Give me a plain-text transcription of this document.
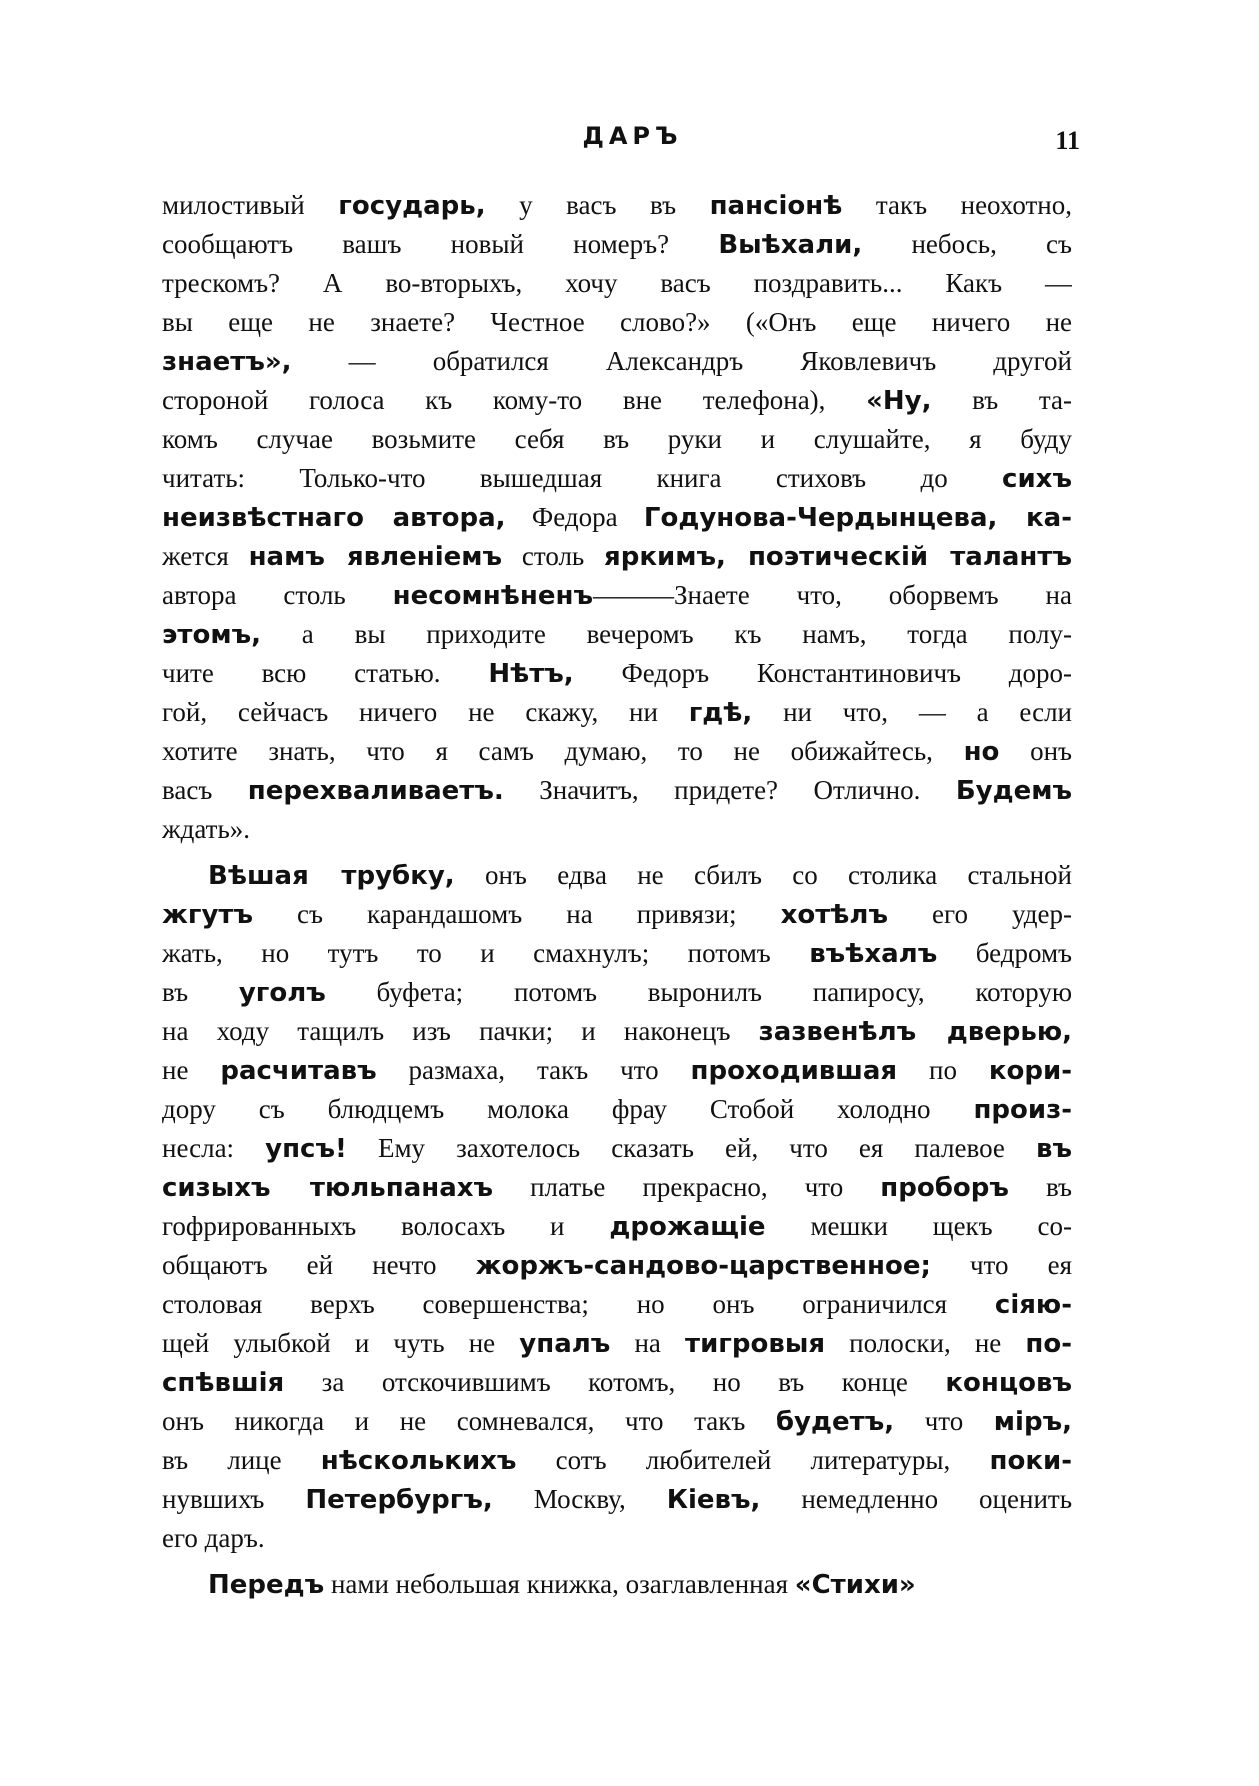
ДАРЪ	11
милостивый государь, у васъ въ пансіонѣ такъ неохотно,
сообщаютъ вашъ новый номеръ? Выѣхали, небось, съ
трескомъ? А во-вторыхъ, хочу васъ поздравить... Какъ —
вы еще не знаете? Честное слово?» («Онъ еще ничего не
знаетъ», — обратился Александръ Яковлевичъ другой
стороной голоса къ кому-то вне телефона), «Ну, въ та-
комъ случае возьмите себя въ руки и слушайте, я буду
читать: Только-что вышедшая книга стиховъ до сихъ
неизвѣстнаго автора, Федора Годунова-Чердынцева, ка-
жется намъ явленіемъ столь яркимъ, поэтическій талантъ
автора столь несомнѣненъ———Знаете что, оборвемъ на
этомъ, а вы приходите вечеромъ къ намъ, тогда полу-
чите всю статью. Нѣтъ, Федоръ Константиновичъ доро-
гой, сейчасъ ничего не скажу, ни гдѣ, ни что, — а если
хотите знать, что я самъ думаю, то не обижайтесь, но онъ
васъ перехваливаетъ. Значитъ, придете? Отлично. Будемъ
ждать».
Вѣшая трубку, онъ едва не сбилъ со столика стальной
жгутъ съ карандашомъ на привязи; хотѣлъ его удер-
жать, но тутъ то и смахнулъ; потомъ въѣхалъ бедромъ
въ уголъ буфета; потомъ выронилъ папиросу, которую
на ходу тащилъ изъ пачки; и наконецъ зазвенѣлъ дверью,
не расчитавъ размаха, такъ что проходившая по кори-
дору съ блюдцемъ молока фрау Стобой холодно произ-
несла: упсъ! Ему захотелось сказать ей, что ея палевое въ
сизыхъ тюльпанахъ платье прекрасно, что проборъ въ
гофрированныхъ волосахъ и дрожащіе мешки щекъ со-
общаютъ ей нечто жоржъ-сандово-царственное; что ея
столовая верхъ совершенства; но онъ ограничился сіяю-
щей улыбкой и чуть не упалъ на тигровыя полоски, не по-
спѣвшія за отскочившимъ котомъ, но въ конце концовъ
онъ никогда и не сомневался, что такъ будетъ, что міръ,
въ лице нѣсколькихъ сотъ любителей литературы, поки-
нувшихъ Петербургъ, Москву, Кіевъ, немедленно оценить
его даръ.
Передъ нами небольшая книжка, озаглавленная «Стихи»
